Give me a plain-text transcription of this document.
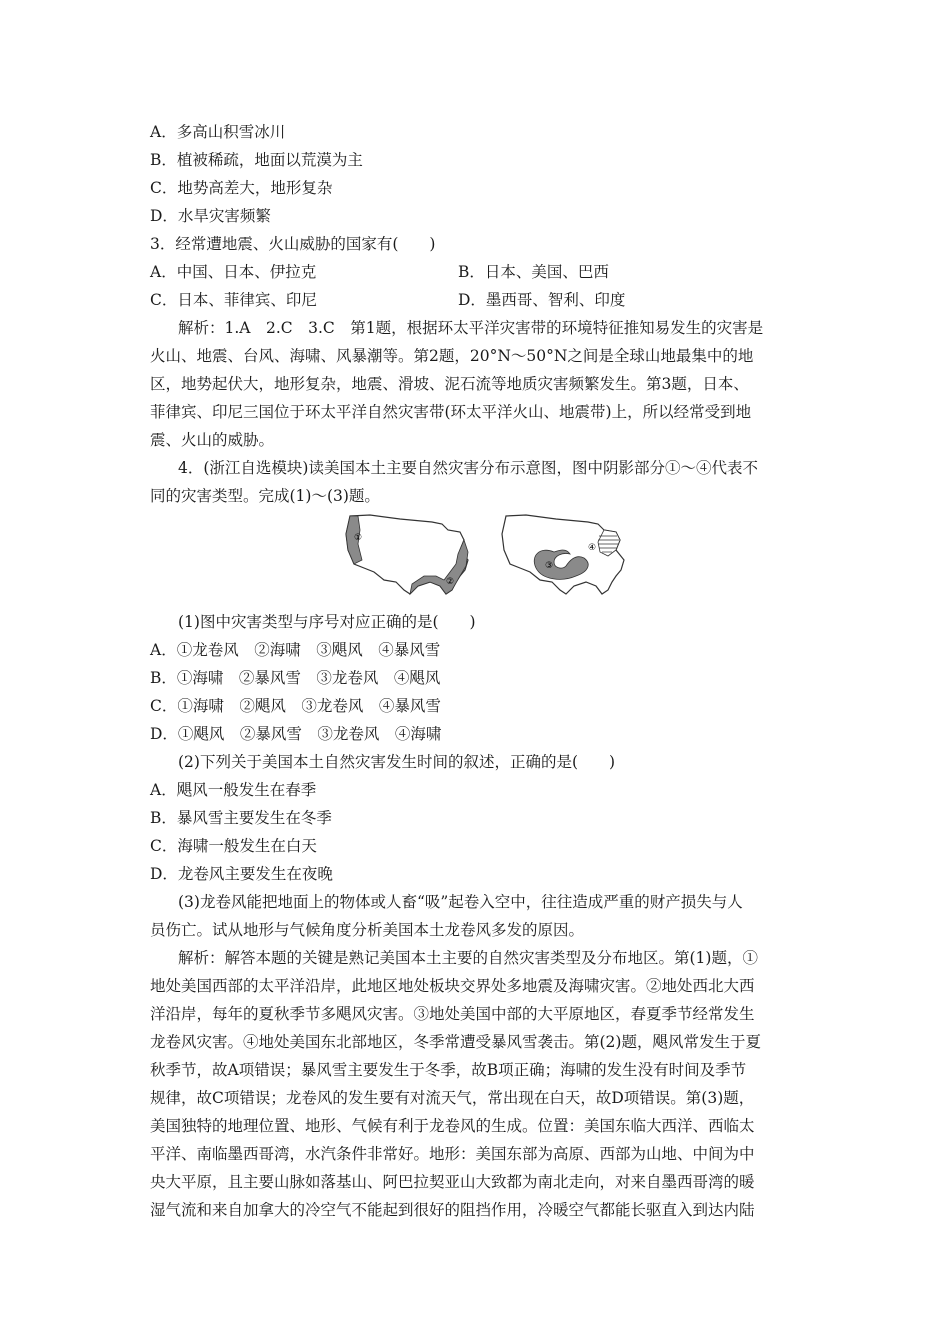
A．多高山积雪冰川
B．植被稀疏，地面以荒漠为主
C．地势高差大，地形复杂
D．水旱灾害频繁
3．经常遭地震、火山威胁的国家有(　　)
A．中国、日本、伊拉克	B．日本、美国、巴西
C．日本、菲律宾、印尼	D．墨西哥、智利、印度
解析：1.A　2.C　3.C　第1题，根据环太平洋灾害带的环境特征推知易发生的灾害是
火山、地震、台风、海啸、风暴潮等。第2题，20°N～50°N之间是全球山地最集中的地
区，地势起伏大，地形复杂，地震、滑坡、泥石流等地质灾害频繁发生。第3题，日本、
菲律宾、印尼三国位于环太平洋自然灾害带(环太平洋火山、地震带)上，所以经常受到地
震、火山的威胁。
4．(浙江自选模块)读美国本土主要自然灾害分布示意图，图中阴影部分①～④代表不
同的灾害类型。完成(1)～(3)题。
①
②
③
④
(1)图中灾害类型与序号对应正确的是(　　)
A．①龙卷风　②海啸　③飓风　④暴风雪
B．①海啸　②暴风雪　③龙卷风　④飓风
C．①海啸　②飓风　③龙卷风　④暴风雪
D．①飓风　②暴风雪　③龙卷风　④海啸
(2)下列关于美国本土自然灾害发生时间的叙述，正确的是(　　)
A．飓风一般发生在春季
B．暴风雪主要发生在冬季
C．海啸一般发生在白天
D．龙卷风主要发生在夜晚
(3)龙卷风能把地面上的物体或人畜“吸”起卷入空中，往往造成严重的财产损失与人
员伤亡。试从地形与气候角度分析美国本土龙卷风多发的原因。
解析：解答本题的关键是熟记美国本土主要的自然灾害类型及分布地区。第(1)题，①
地处美国西部的太平洋沿岸，此地区地处板块交界处多地震及海啸灾害。②地处西北大西
洋沿岸，每年的夏秋季节多飓风灾害。③地处美国中部的大平原地区，春夏季节经常发生
龙卷风灾害。④地处美国东北部地区，冬季常遭受暴风雪袭击。第(2)题，飓风常发生于夏
秋季节，故A项错误；暴风雪主要发生于冬季，故B项正确；海啸的发生没有时间及季节
规律，故C项错误；龙卷风的发生要有对流天气，常出现在白天，故D项错误。第(3)题，
美国独特的地理位置、地形、气候有利于龙卷风的生成。位置：美国东临大西洋、西临太
平洋、南临墨西哥湾，水汽条件非常好。地形：美国东部为高原、西部为山地、中间为中
央大平原，且主要山脉如落基山、阿巴拉契亚山大致都为南北走向，对来自墨西哥湾的暖
湿气流和来自加拿大的冷空气不能起到很好的阻挡作用，冷暖空气都能长驱直入到达内陆
